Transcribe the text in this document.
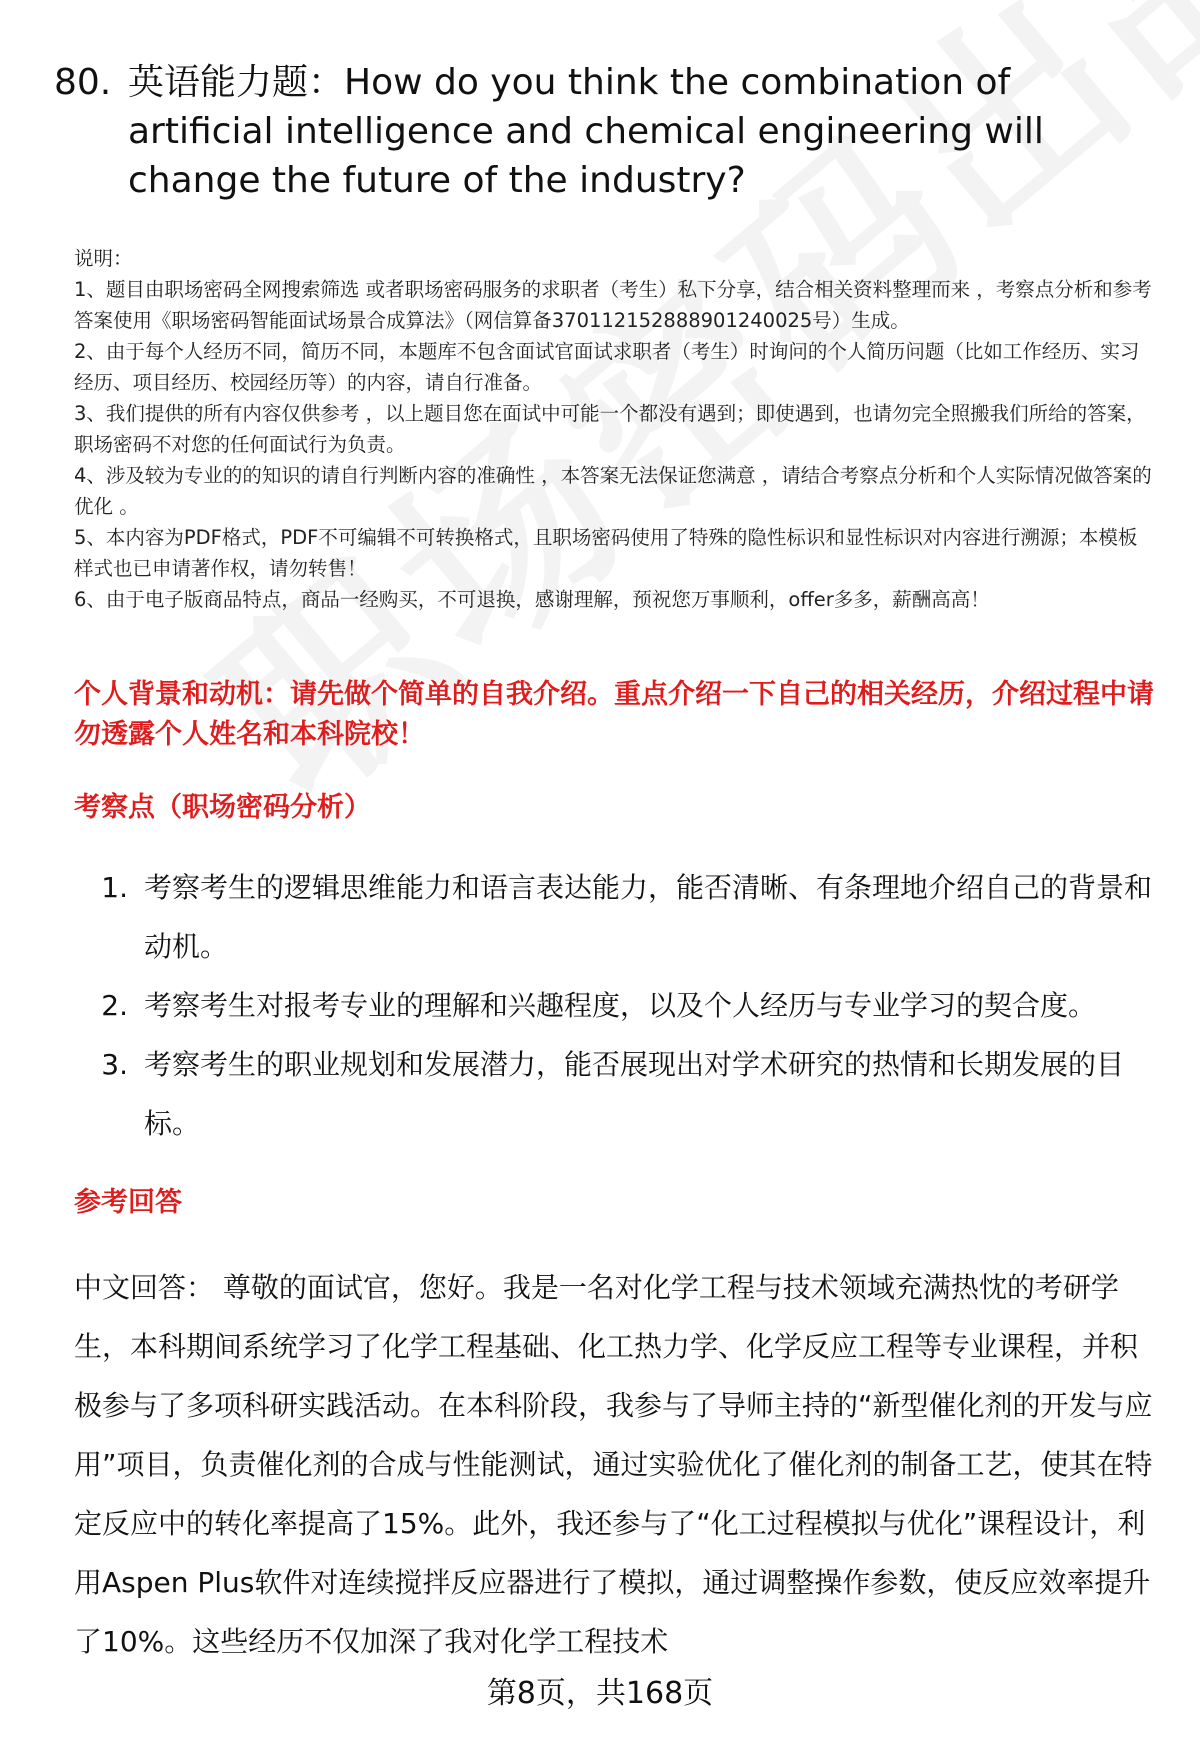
80. 英语能力题：How do you think the combination of artificial intelligence and chemical engineering will change the future of the industry?

说明：

1、题目由职场密码全网搜索筛选 或者职场密码服务的求职者（考生）私下分享，结合相关资料整理而来 ，考察点分析和参考答案使用《职场密码智能面试场景合成算法》（网信算备370112152888901240025号）生成。

2、由于每个人经历不同，简历不同，本题库不包含面试官面试求职者（考生）时询问的个人简历问题（比如工作经历、实习经历、项目经历、校园经历等）的内容，请自行准备。

3、我们提供的所有内容仅供参考 ，以上题目您在面试中可能一个都没有遇到；即使遇到，也请勿完全照搬我们所给的答案，职场密码不对您的任何面试行为负责。

4、涉及较为专业的的知识的请自行判断内容的准确性 ，本答案无法保证您满意 ，请结合考察点分析和个人实际情况做答案的优化 。

5、本内容为PDF格式，PDF不可编辑不可转换格式，且职场密码使用了特殊的隐性标识和显性标识对内容进行溯源；本模板样式也已申请著作权，请勿转售！

6、由于电子版商品特点，商品一经购买，不可退换，感谢理解，预祝您万事顺利，offer多多，薪酬高高！

个人背景和动机：请先做个简单的自我介绍。重点介绍一下自己的相关经历，介绍过程中请勿透露个人姓名和本科院校！
考察点（职场密码分析）
1. 考察考生的逻辑思维能力和语言表达能力，能否清晰、有条理地介绍自己的背景和动机。
2. 考察考生对报考专业的理解和兴趣程度，以及个人经历与专业学习的契合度。
3. 考察考生的职业规划和发展潜力，能否展现出对学术研究的热情和长期发展的目标。
参考回答

中文回答： 尊敬的面试官，您好。我是一名对化学工程与技术领域充满热忱的考研学生，本科期间系统学习了化学工程基础、化工热力学、化学反应工程等专业课程，并积极参与了多项科研实践活动。在本科阶段，我参与了导师主持的“新型催化剂的开发与应用”项目，负责催化剂的合成与性能测试，通过实验优化了催化剂的制备工艺，使其在特定反应中的转化率提高了15%。此外，我还参与了“化工过程模拟与优化”课程设计，利用Aspen Plus软件对连续搅拌反应器进行了模拟，通过调整操作参数，使反应效率提升了10%。这些经历不仅加深了我对化学工程技术

第8页，共168页
